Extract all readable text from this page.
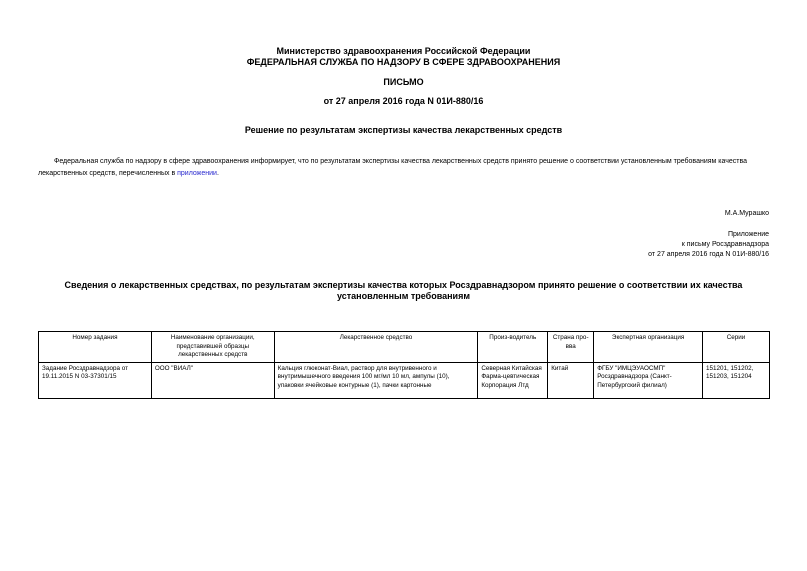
Министерство здравоохранения Российской Федерации
ФЕДЕРАЛЬНАЯ СЛУЖБА ПО НАДЗОРУ В СФЕРЕ ЗДРАВООХРАНЕНИЯ
ПИСЬМО
от 27 апреля 2016 года N 01И-880/16
Решение по результатам экспертизы качества лекарственных средств
Федеральная служба по надзору в сфере здравоохранения информирует, что по результатам экспертизы качества лекарственных средств принято решение о соответствии установленным требованиям качества лекарственных средств, перечисленных в приложении.
М.А.Мурашко
Приложение
к письму Росздравнадзора
от 27 апреля 2016 года N 01И-880/16
Сведения о лекарственных средствах, по результатам экспертизы качества которых Росздравнадзором принято решение о соответствии их качества установленным требованиям
Номер задания	Наименование организации, представившей образцы лекарственных средств	Лекарственное средство	Произ-водитель	Страна про-вва	Экспертная организация	Серии
Задание Росздравнадзора от 19.11.2015 N 03-37301/15	ООО "ВИАЛ"	Кальция глюконат-Виал, раствор для внутривенного и внутримышечного введения 100 мг/мл 10 мл, ампулы (10), упаковки ячейковые контурные (1), пачки картонные	Северная Китайская Фарма-цевтическая Корпорация Лтд	Китай	ФГБУ "ИМЦЭУАОСМП" Росздравнадзора (Санкт-Петербургский филиал)	151201, 151202, 151203, 151204
